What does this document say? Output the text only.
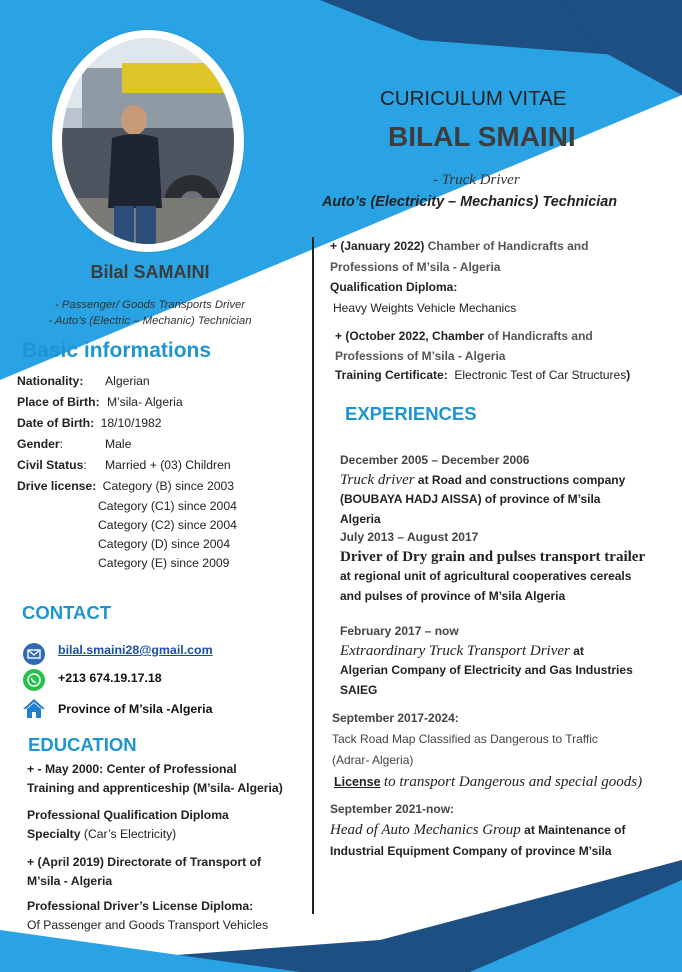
Bilal SAMAINI
- Passenger/ Goods Transports Driver
- Auto’s (Electric – Mechanic) Technician
Basic informations
Nationality: Algerian
Place of Birth: M’sila- Algeria
Date of Birth: 18/10/1982
Gender:	Male
Civil Status: Married + (03) Children
Drive license: Category (B) since 2003
Category (C1) since 2004
Category (C2) since 2004
Category (D) since 2004
Category (E) since 2009
CONTACT
bilal.smaini28@gmail.com
+213 674.19.17.18
Province of M’sila -Algeria
EDUCATION
+ - May 2000: Center of Professional
Training and apprenticeship (M’sila- Algeria)
Professional Qualification Diploma
Specialty (Car’s Electricity)
+ (April 2019) Directorate of Transport of
M’sila - Algeria
Professional Driver’s License Diploma:
Of Passenger and Goods Transport Vehicles
CURICULUM VITAE
BILAL SMAINI
- Truck Driver
Auto’s (Electricity – Mechanics) Technician
+ (January 2022) Chamber of Handicrafts and
Professions of M’sila - Algeria
Qualification Diploma:
Heavy Weights Vehicle Mechanics
+ (October 2022, Chamber of Handicrafts and
Professions of M’sila - Algeria
Training Certificate: Electronic Test of Car Structures)
EXPERIENCES
December 2005 – December 2006
Truck driver at Road and constructions company
(BOUBAYA HADJ AISSA) of province of M’sila
Algeria
July 2013 – August 2017
Driver of Dry grain and pulses transport trailer
at regional unit of agricultural cooperatives cereals
and pulses of province of M’sila Algeria
February 2017 – now
Extraordinary Truck Transport Driver at
Algerian Company of Electricity and Gas Industries
SAIEG
September 2017-2024:
Tack Road Map Classified as Dangerous to Traffic
(Adrar- Algeria)
License to transport Dangerous and special goods)
September 2021-now:
Head of Auto Mechanics Group at Maintenance of
Industrial Equipment Company of province M’sila
